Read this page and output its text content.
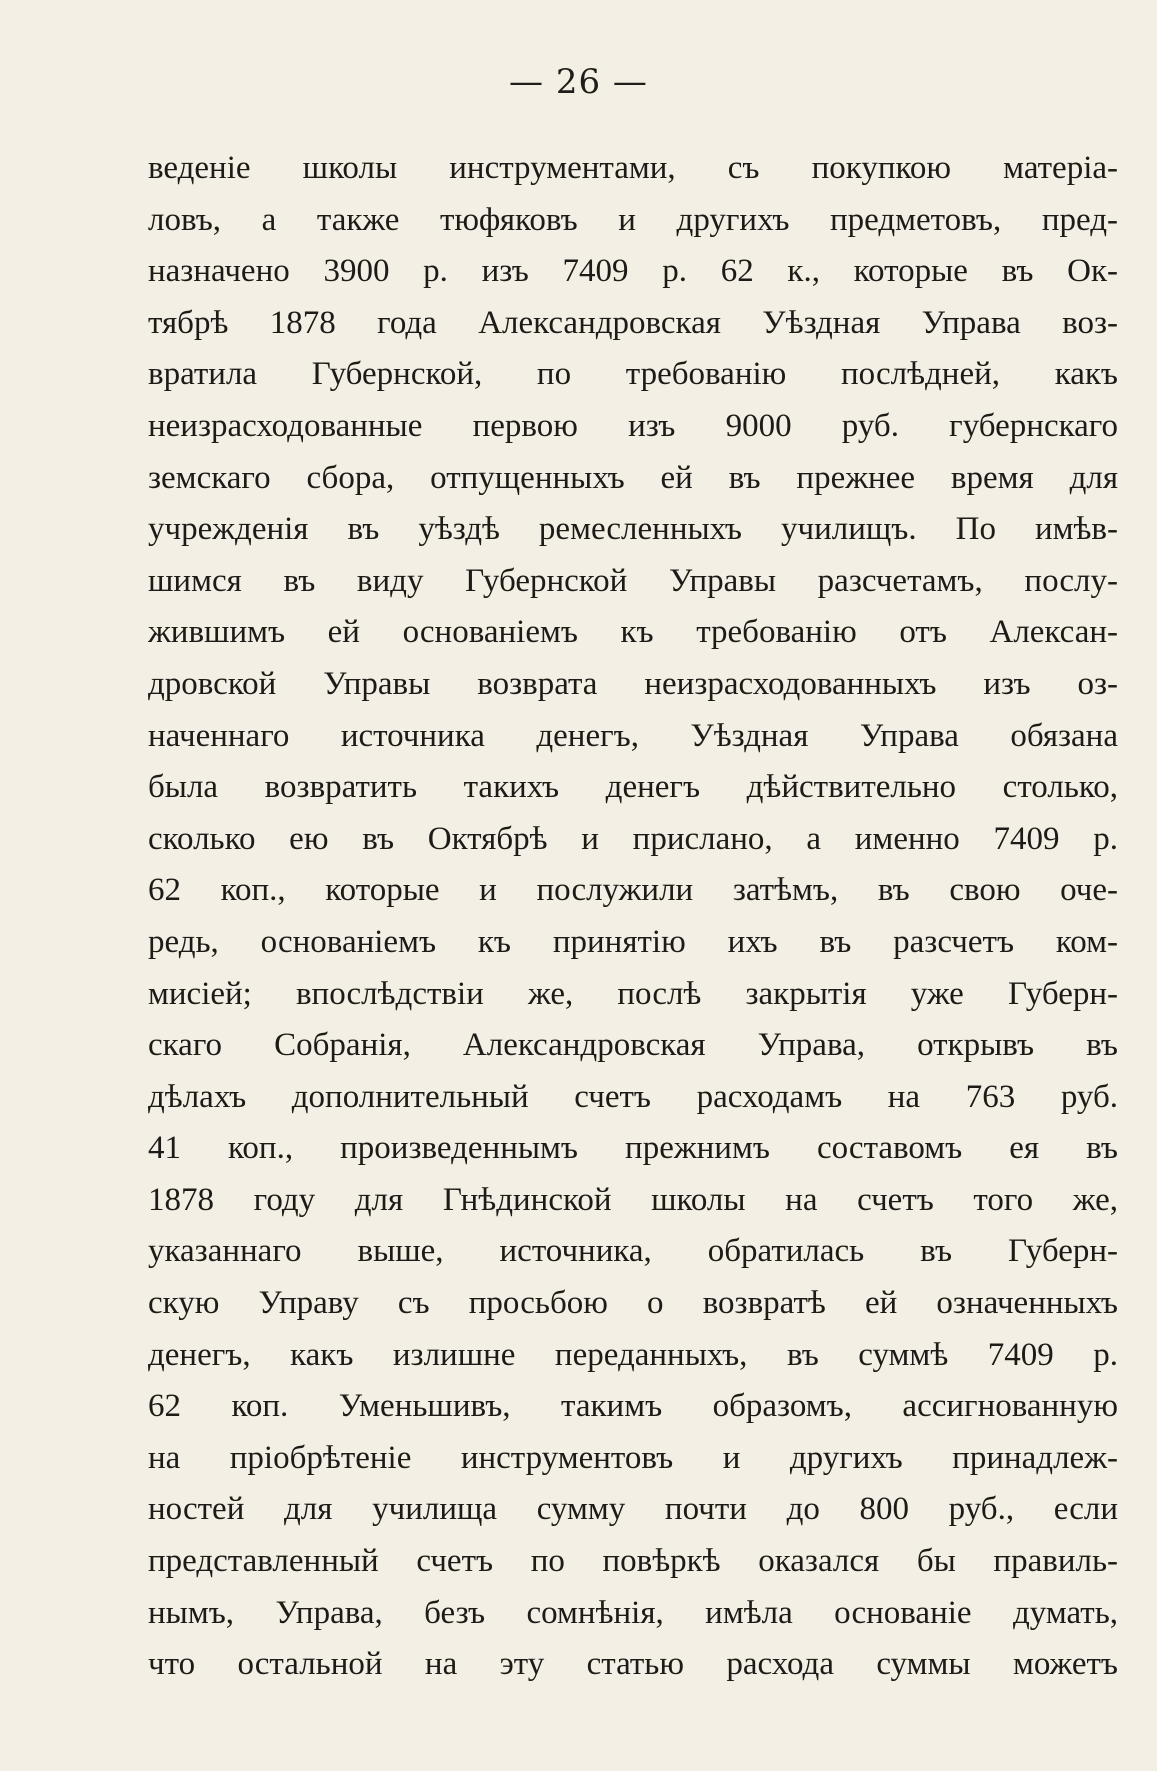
— 26 —
веденіе школы инструментами, съ покупкою матеріа-
ловъ, а также тюфяковъ и другихъ предметовъ, пред-
назначено 3900 р. изъ 7409 р. 62 к., которые въ Ок-
тябрѣ 1878 года Александровская Уѣздная Управа воз-
вратила Губернской, по требованію послѣдней, какъ
неизрасходованные первою изъ 9000 руб. губернскаго
земскаго сбора, отпущенныхъ ей въ прежнее время для
учрежденія въ уѣздѣ ремесленныхъ училищъ. По имѣв-
шимся въ виду Губернской Управы разсчетамъ, послу-
жившимъ ей основаніемъ къ требованію отъ Алексан-
дровской Управы возврата неизрасходованныхъ изъ оз-
наченнаго источника денегъ, Уѣздная Управа обязана
была возвратить такихъ денегъ дѣйствительно столько,
сколько ею въ Октябрѣ и прислано, а именно 7409 р.
62 коп., которые и послужили затѣмъ, въ свою оче-
редь, основаніемъ къ принятію ихъ въ разсчетъ ком-
мисіей; впослѣдствіи же, послѣ закрытія уже Губерн-
скаго Собранія, Александровская Управа, открывъ въ
дѣлахъ дополнительный счетъ расходамъ на 763 руб.
41 коп., произведеннымъ прежнимъ составомъ ея въ
1878 году для Гнѣдинской школы на счетъ того же,
указаннаго выше, источника, обратилась въ Губерн-
скую Управу съ просьбою о возвратѣ ей означенныхъ
денегъ, какъ излишне переданныхъ, въ суммѣ 7409 р.
62 коп. Уменьшивъ, такимъ образомъ, ассигнованную
на пріобрѣтеніе инструментовъ и другихъ принадлеж-
ностей для училища сумму почти до 800 руб., если
представленный счетъ по повѣркѣ оказался бы правиль-
нымъ, Управа, безъ сомнѣнія, имѣла основаніе думать,
что остальной на эту статью расхода суммы можетъ
